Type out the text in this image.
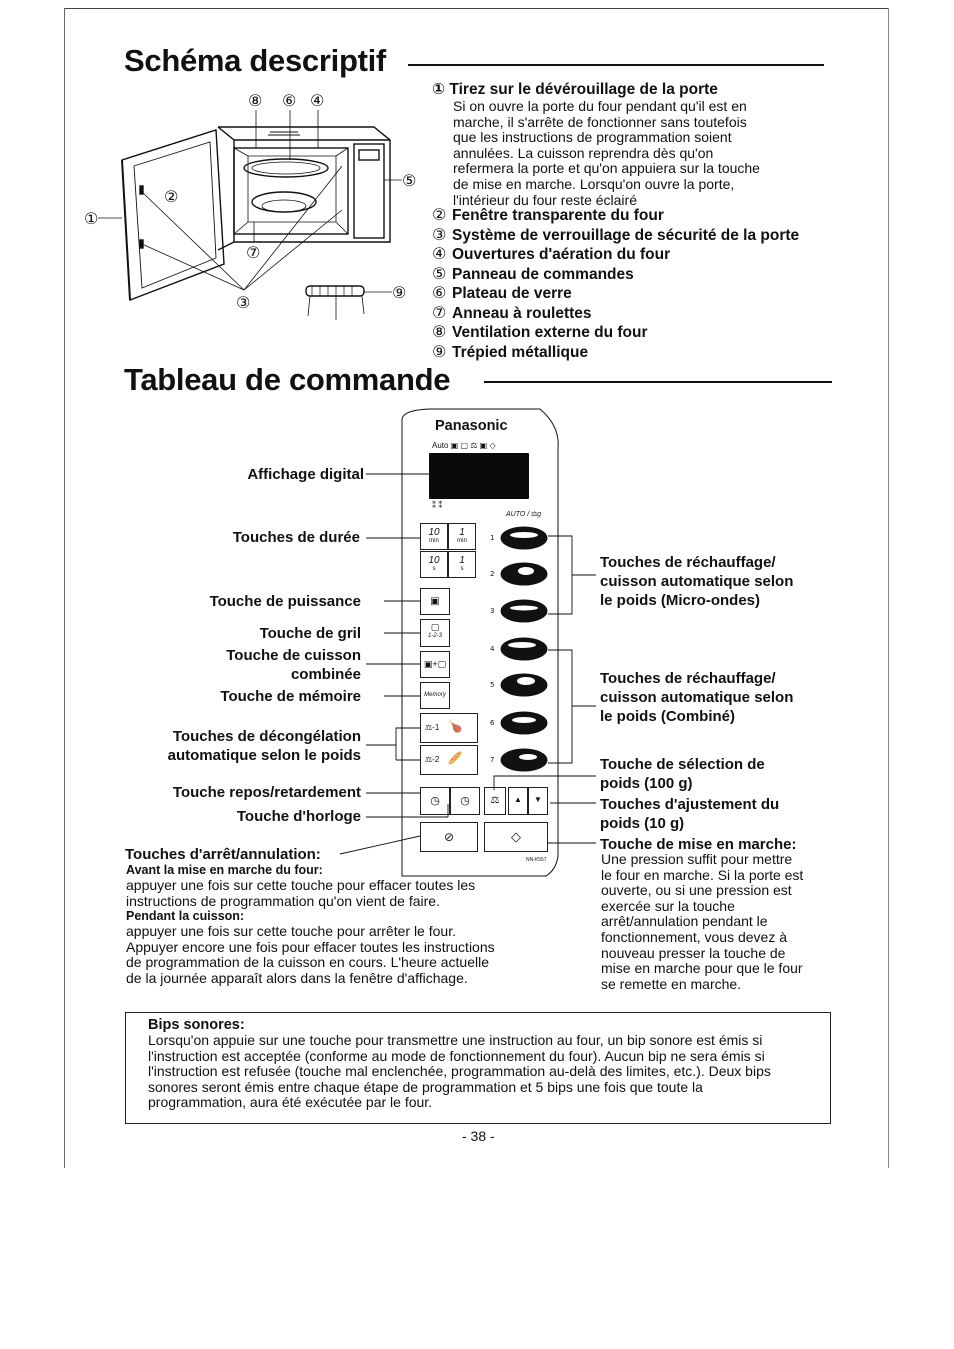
Schéma descriptif
⑧ ⑥ ④
①
②
⑤
⑦
③
⑨
① Tirez sur le dévérouillage de la porte
Si on ouvre la porte du four pendant qu'il est en
marche, il s'arrête de fonctionner sans toutefois
que les instructions de programmation soient
annulées. La cuisson reprendra dès qu'on
refermera la porte et qu'on appuiera sur la touche
de mise en marche. Lorsqu'on ouvre la porte,
l'intérieur du four reste éclairé
② Fenêtre transparente du four
③ Système de verrouillage de sécurité de la porte
④ Ouvertures d'aération du four
⑤ Panneau de commandes
⑥ Plateau de verre
⑦ Anneau à roulettes
⑧ Ventilation externe du four
⑨ Trépied métallique
Tableau de commande
Panasonic
Auto ▣ ▢ ⚖ ▣ ◇
⁑ ⁑
AUTO / ⚖g
10
min
1
min
10
s
1
s
▣
▢
1-2-3
▣+▢
Memory
⚖-1 🍗
⚖-2 🥖
◷	◷	⚖	▲	▼
⊘	◇
NN-K557
1
2
3
4
5
6
7
Affichage digital
Touches de durée
Touche de puissance
Touche de gril
Touche de cuisson
combinée
Touche de mémoire
Touches de décongélation
automatique selon le poids
Touche repos/retardement
Touche d'horloge
Touches de réchauffage/
cuisson automatique selon
le poids (Micro-ondes)
Touches de réchauffage/
cuisson automatique selon
le poids (Combiné)
Touche de sélection de
poids (100 g)
Touches d'ajustement du
poids (10 g)
Touche de mise en marche:
Une pression suffit pour mettre
le four en marche. Si la porte est
ouverte, ou si une pression est
exercée sur la touche
arrêt/annulation pendant le
fonctionnement, vous devez à
nouveau presser la touche de
mise en marche pour que le four
se remette en marche.
Touches d'arrêt/annulation:
Avant la mise en marche du four:
appuyer une fois sur cette touche pour effacer toutes les
instructions de programmation qu'on vient de faire.
Pendant la cuisson:
appuyer une fois sur cette touche pour arrêter le four.
Appuyer encore une fois pour effacer toutes les instructions
de programmation de la cuisson en cours. L'heure actuelle
de la journée apparaît alors dans la fenêtre d'affichage.
Bips sonores:
Lorsqu'on appuie sur une touche pour transmettre une instruction au four, un bip sonore est émis si
l'instruction est acceptée (conforme au mode de fonctionnement du four). Aucun bip ne sera émis si
l'instruction est refusée (touche mal enclenchée, programmation au-delà des limites, etc.). Deux bips
sonores seront émis entre chaque étape de programmation et 5 bips une fois que toute la
programmation, aura été exécutée par le four.
- 38 -
